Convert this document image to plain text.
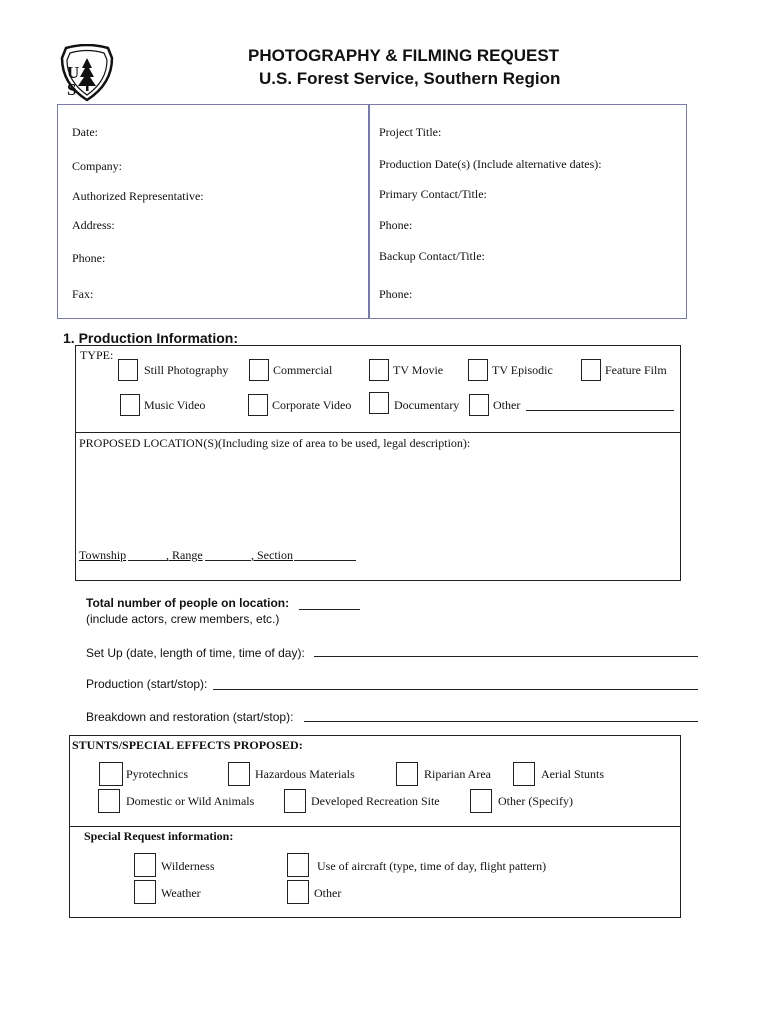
U S
PHOTOGRAPHY & FILMING REQUEST
U.S. Forest Service, Southern Region
Date:
Company:
Authorized Representative:
Address:
Phone:
Fax:
Project Title:
Production Date(s) (Include alternative dates):
Primary Contact/Title:
Phone:
Backup Contact/Title:
Phone:
1. Production Information:
TYPE:
Still Photography	Commercial	TV Movie	TV Episodic	Feature Film
Music Video	Corporate Video	Documentary	Other
PROPOSED LOCATION(S)(Including size of area to be used, legal description):
Township	, Range	, Section
Total number of people on location:
(include actors, crew members, etc.)
Set Up (date, length of time, time of day):
Production (start/stop):
Breakdown and restoration (start/stop):
STUNTS/SPECIAL EFFECTS PROPOSED:
Pyrotechnics	Hazardous Materials	Riparian Area	Aerial Stunts
Domestic or Wild Animals	Developed Recreation Site	Other (Specify)
Special Request information:
Wilderness	Use of aircraft (type, time of day, flight pattern)
Weather	Other
